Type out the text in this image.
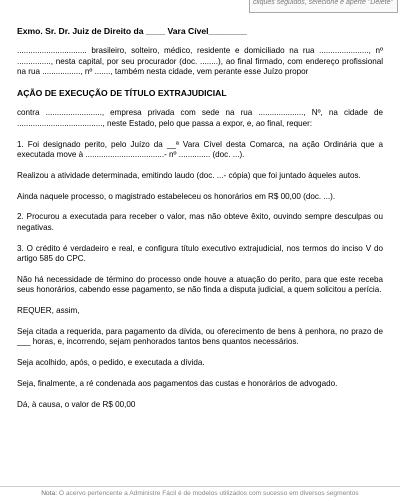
cliques seguidos, selecione e aperte "Delete"
Exmo. Sr. Dr. Juiz de Direito da ____ Vara Cível________

............................... brasileiro, solteiro, médico, residente e domiciliado na rua ......................, nº ..............., nesta capital, por seu procurador (doc. ........), ao final firmado, com endereço profissional na rua ................., nº ......., também nesta cidade, vem perante esse Juízo propor

AÇÃO DE EXECUÇÃO DE TÍTULO EXTRAJUDICIAL

contra ........................., empresa privada com sede na rua ...................., Nº, na cidade de ......................................, neste Estado, pelo que passa a expor, e, ao final, requer:

1. Foi designado perito, pelo Juízo da __ª Vara Cível desta Comarca, na ação Ordinária que a executada move à ...................................- nº .............. (doc. ...).

Realizou a atividade determinada, emitindo laudo (doc. ...- cópia) que foi juntado àqueles autos.

Ainda naquele processo, o magistrado estabeleceu os honorários em R$ 00,00 (doc. ...).

2. Procurou a executada para receber o valor, mas não obteve êxito, ouvindo sempre desculpas ou negativas.

3. O crédito é verdadeiro e real, e configura título executivo extrajudicial, nos termos do inciso V do artigo 585 do CPC.

Não há necessidade de término do processo onde houve a atuação do perito, para que este receba seus honorários, cabendo esse pagamento, se não finda a disputa judicial, a quem solicitou a perícia.

REQUER, assim,

Seja citada a requerida, para pagamento da dívida, ou oferecimento de bens à penhora, no prazo de ___ horas, e, incorrendo, sejam penhorados tantos bens quantos necessários.

Seja acolhido, após, o pedido, e executada a dívida.

Seja, finalmente, a ré condenada aos pagamentos das custas e honorários de advogado.

Dá, à causa, o valor de R$ 00,00

Nota: O acervo pertencente a Administre Fácil é de modelos utilizados com sucesso em diversos segmentos
